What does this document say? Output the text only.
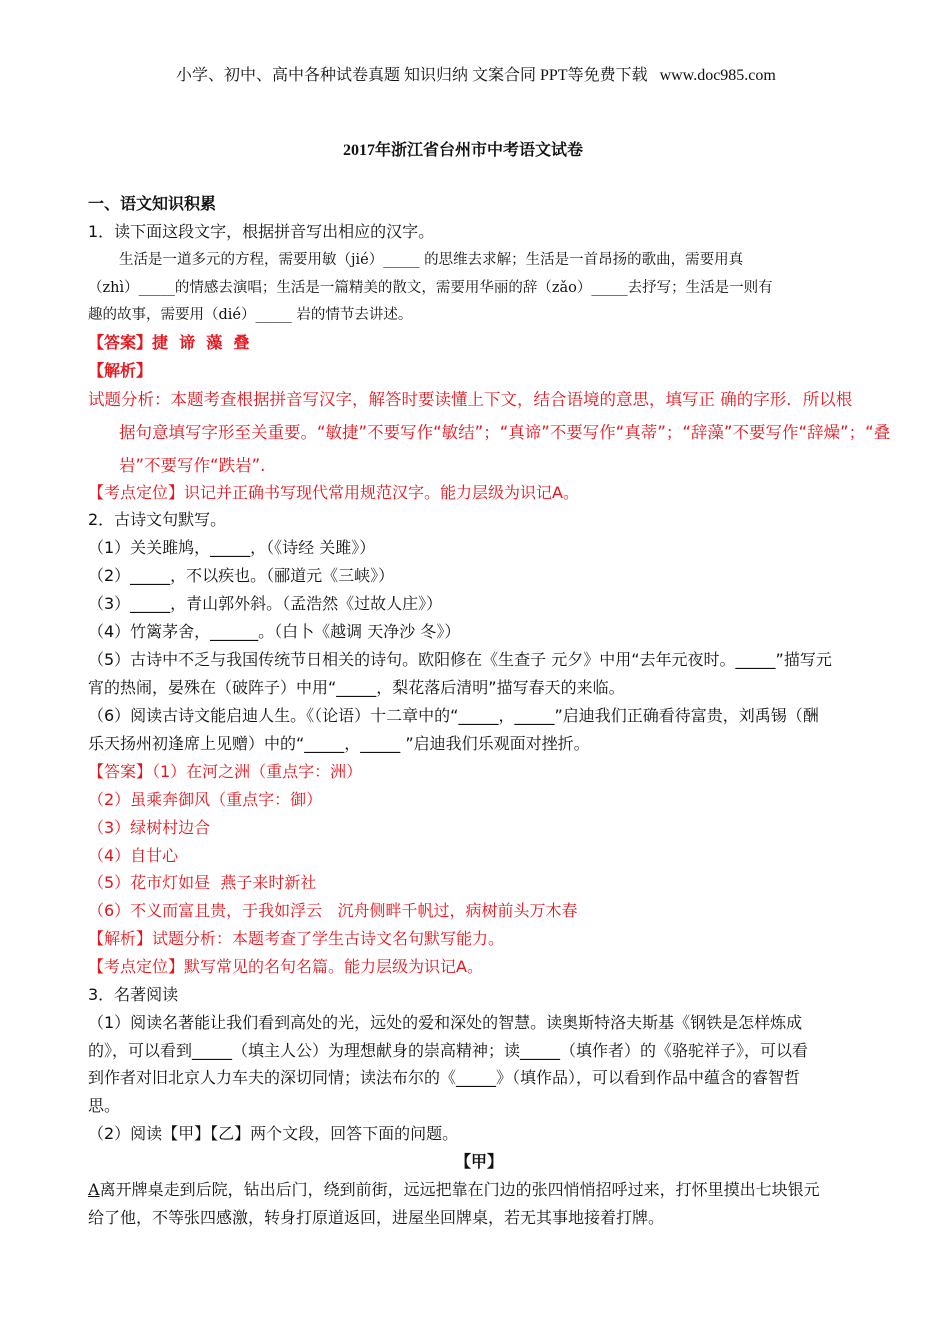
小学、初中、高中各种试卷真题 知识归纳 文案合同 PPT等免费下载   www.doc985.com
2017年浙江省台州市中考语文试卷
一、语文知识积累
1．读下面这段文字，根据拼音写出相应的汉字。
生活是一道多元的方程，需要用敏（jié）_____ 的思维去求解；生活是一首昂扬的歌曲，需要用真
（zhì）_____的情感去演唱；生活是一篇精美的散文，需要用华丽的辞（zǎo）_____去抒写；生活是一则有
趣的故事，需要用（dié）_____ 岩的情节去讲述。
【答案】捷  谛  藻  叠
【解析】
试题分析：本题考查根据拼音写汉字，解答时要读懂上下文，结合语境的意思，填写正 确的字形．所以根
据句意填写字形至关重要。“敏捷”不要写作“敏结”；“真谛”不要写作“真蒂”；“辞藻”不要写作“辞燥”；“叠
岩”不要写作“跌岩”.
【考点定位】识记并正确书写现代常用规范汉字。能力层级为识记A。
2．古诗文句默写。
（1）关关雎鸠，_____，（《诗经 关雎》）
（2）_____，不以疾也。（郦道元《三峡》）
（3）_____，青山郭外斜。（孟浩然《过故人庄》）
（4）竹篱茅舍，______。（白卜《越调 天净沙 冬》）
（5）古诗中不乏与我国传统节日相关的诗句。欧阳修在《生查子 元夕》中用“去年元夜时。_____”描写元
宵的热闹，晏殊在（破阵子）中用“_____，梨花落后清明”描写春天的来临。
（6）阅读古诗文能启迪人生。《（论语）十二章中的“_____，_____”启迪我们正确看待富贵，刘禹锡（酬
乐天扬州初逢席上见赠）中的“_____，_____ ”启迪我们乐观面对挫折。
【答案】（1）在河之洲（重点字：洲）
（2）虽乘奔御风（重点字：御）
（3）绿树村边合
（4）自甘心
（5）花市灯如昼  燕子来时新社
（6）不义而富且贵，于我如浮云   沉舟侧畔千帆过，病树前头万木春
【解析】试题分析：本题考查了学生古诗文名句默写能力。
【考点定位】默写常见的名句名篇。能力层级为识记A。
3．名著阅读
（1）阅读名著能让我们看到高处的光，远处的爱和深处的智慧。读奥斯特洛夫斯基《钢铁是怎样炼成
的》，可以看到_____（填主人公）为理想献身的崇高精神；读_____（填作者）的《骆驼祥子》，可以看
到作者对旧北京人力车夫的深切同情；读法布尔的《_____》（填作品），可以看到作品中蕴含的睿智哲
思。
（2）阅读【甲】【乙】两个文段，回答下面的问题。
【甲】
A离开牌桌走到后院，钻出后门，绕到前街，远远把靠在门边的张四悄悄招呼过来，打怀里摸出七块银元
给了他，不等张四感激，转身打原道返回，进屋坐回牌桌，若无其事地接着打牌。
